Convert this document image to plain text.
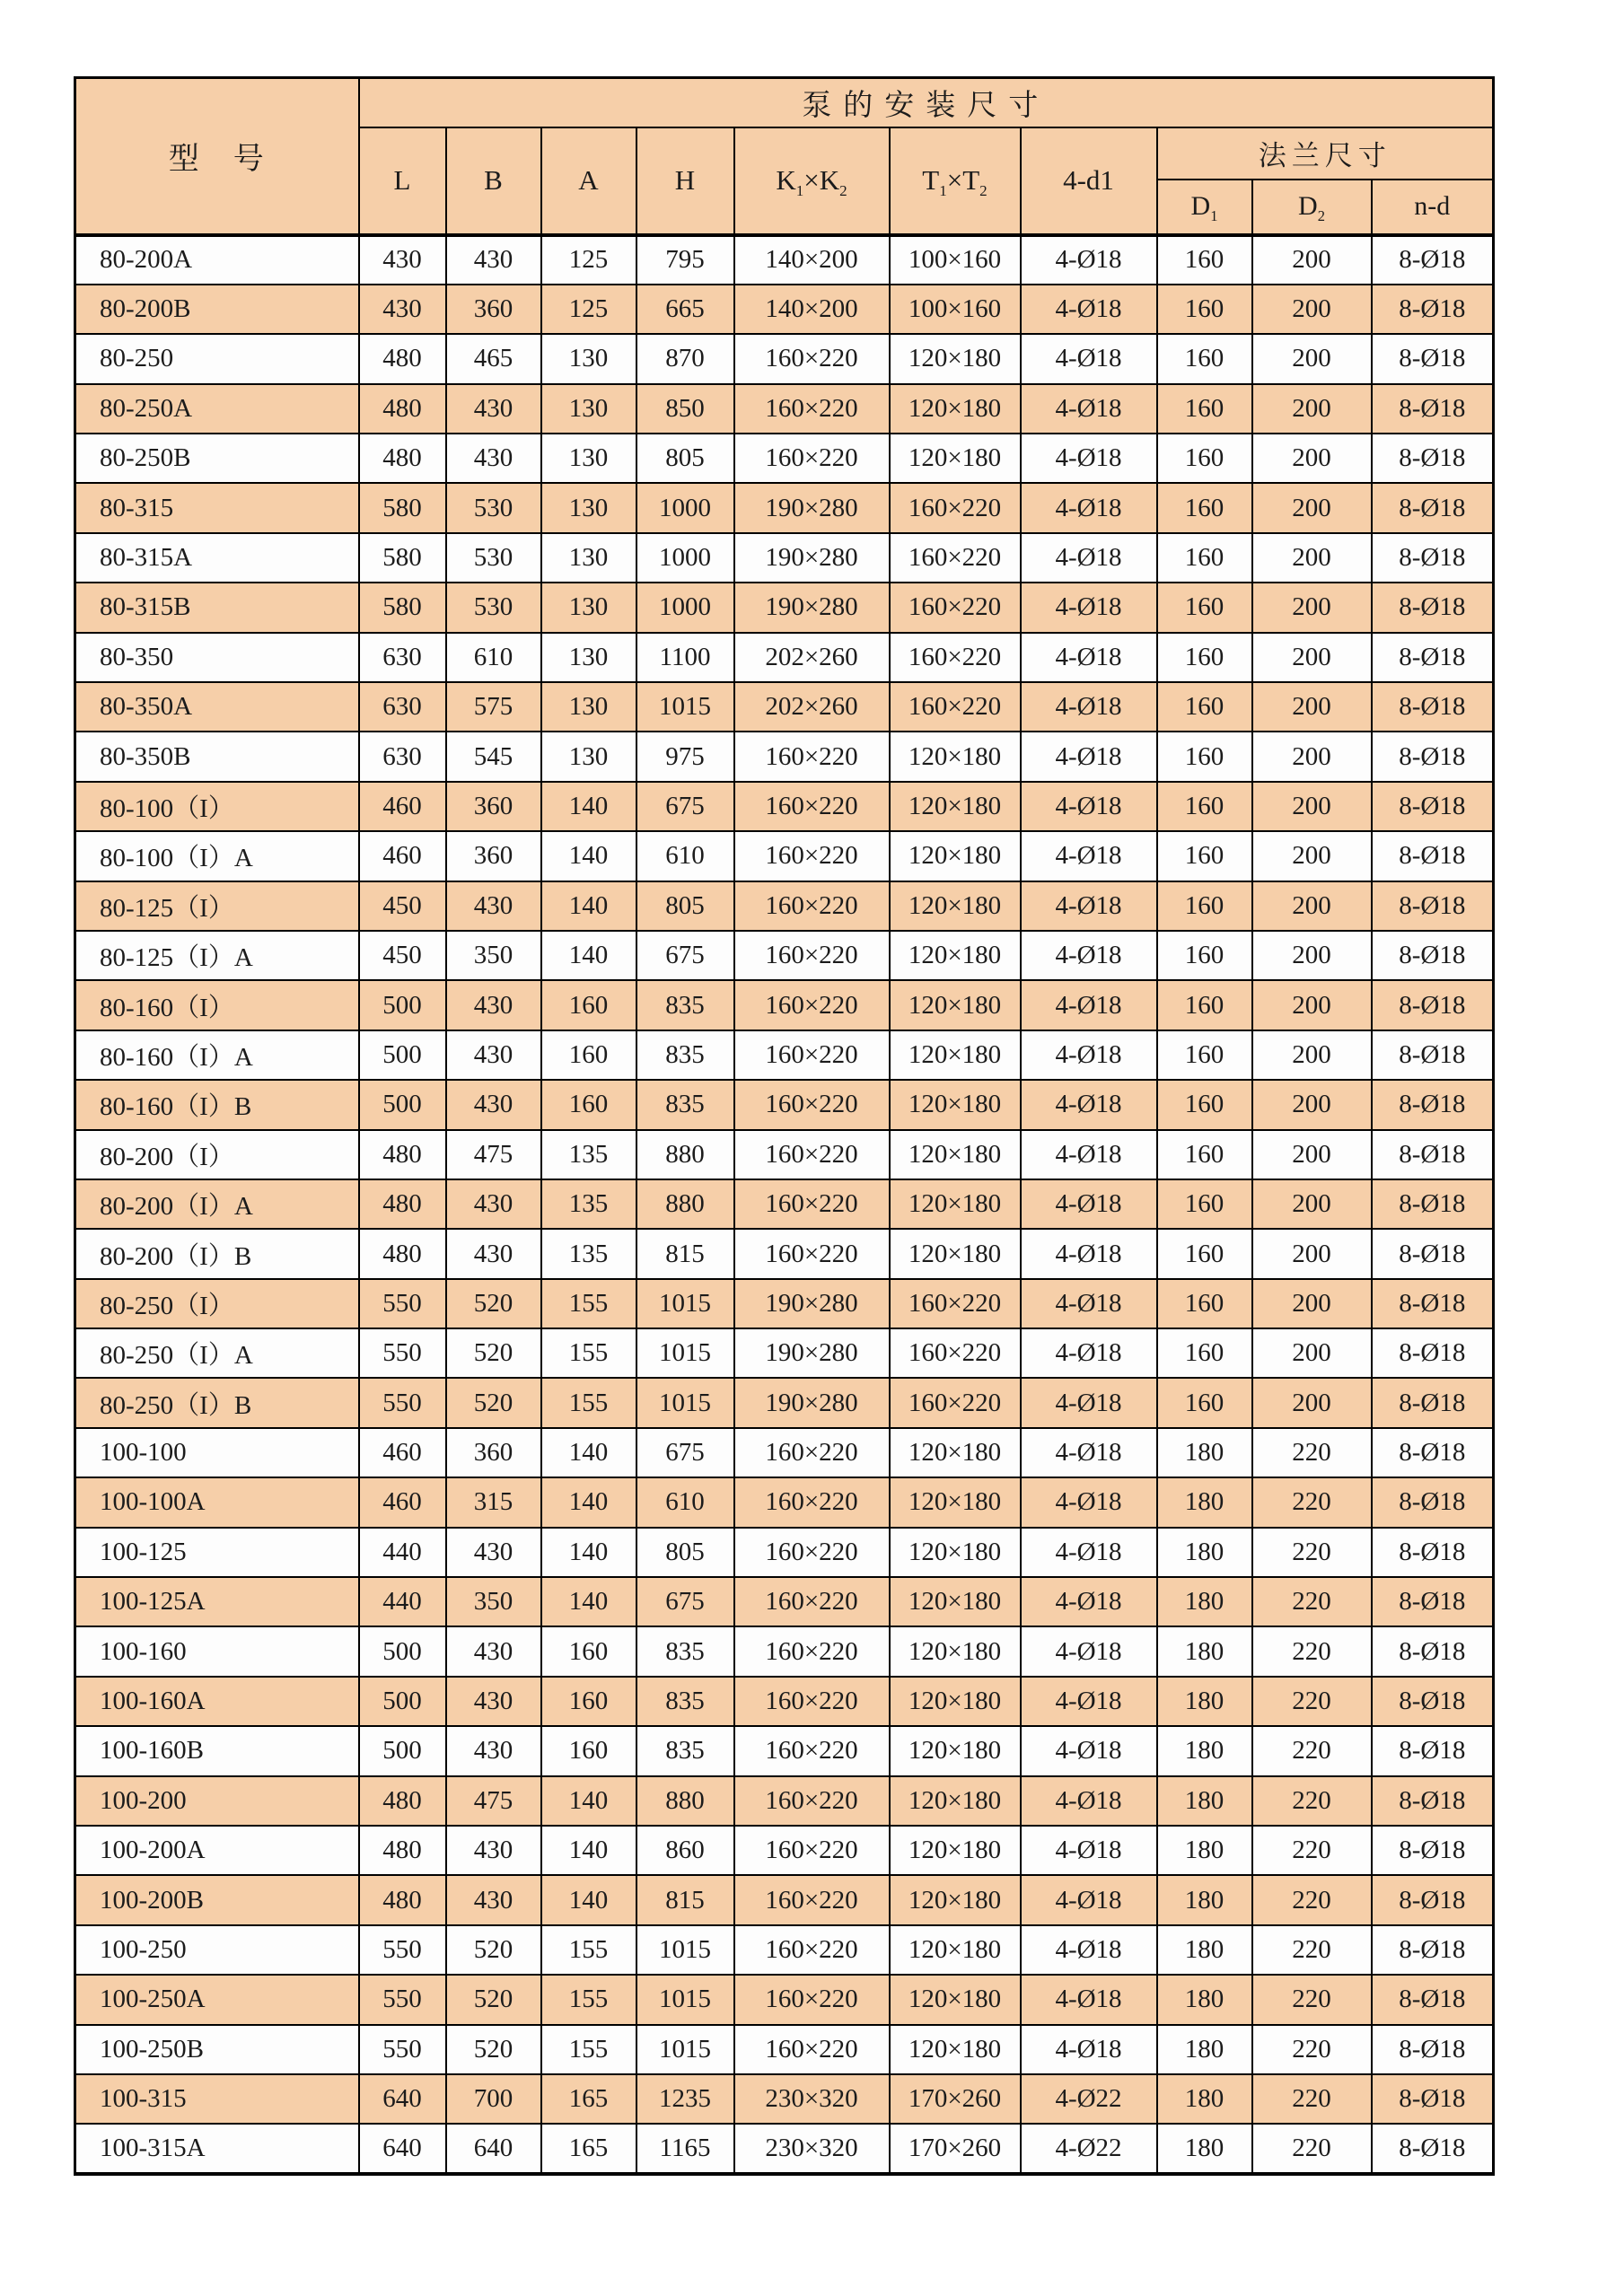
型　号	泵的安装尺寸									
	L	B	A	H	$K_1\times K_2$	$T_1\times T_2$	4-d1	法兰尺寸		
								$D_1$	$D_2$	n-d
80-200A	430	430	125	795	140×200	100×160	4-Ø18	160	200	8-Ø18
80-200B	430	360	125	665	140×200	100×160	4-Ø18	160	200	8-Ø18
80-250	480	465	130	870	160×220	120×180	4-Ø18	160	200	8-Ø18
80-250A	480	430	130	850	160×220	120×180	4-Ø18	160	200	8-Ø18
80-250B	480	430	130	805	160×220	120×180	4-Ø18	160	200	8-Ø18
80-315	580	530	130	1000	190×280	160×220	4-Ø18	160	200	8-Ø18
80-315A	580	530	130	1000	190×280	160×220	4-Ø18	160	200	8-Ø18
80-315B	580	530	130	1000	190×280	160×220	4-Ø18	160	200	8-Ø18
80-350	630	610	130	1100	202×260	160×220	4-Ø18	160	200	8-Ø18
80-350A	630	575	130	1015	202×260	160×220	4-Ø18	160	200	8-Ø18
80-350B	630	545	130	975	160×220	120×180	4-Ø18	160	200	8-Ø18
80-100（I）	460	360	140	675	160×220	120×180	4-Ø18	160	200	8-Ø18
80-100（I）A	460	360	140	610	160×220	120×180	4-Ø18	160	200	8-Ø18
80-125（I）	450	430	140	805	160×220	120×180	4-Ø18	160	200	8-Ø18
80-125（I）A	450	350	140	675	160×220	120×180	4-Ø18	160	200	8-Ø18
80-160（I）	500	430	160	835	160×220	120×180	4-Ø18	160	200	8-Ø18
80-160（I）A	500	430	160	835	160×220	120×180	4-Ø18	160	200	8-Ø18
80-160（I）B	500	430	160	835	160×220	120×180	4-Ø18	160	200	8-Ø18
80-200（I）	480	475	135	880	160×220	120×180	4-Ø18	160	200	8-Ø18
80-200（I）A	480	430	135	880	160×220	120×180	4-Ø18	160	200	8-Ø18
80-200（I）B	480	430	135	815	160×220	120×180	4-Ø18	160	200	8-Ø18
80-250（I）	550	520	155	1015	190×280	160×220	4-Ø18	160	200	8-Ø18
80-250（I）A	550	520	155	1015	190×280	160×220	4-Ø18	160	200	8-Ø18
80-250（I）B	550	520	155	1015	190×280	160×220	4-Ø18	160	200	8-Ø18
100-100	460	360	140	675	160×220	120×180	4-Ø18	180	220	8-Ø18
100-100A	460	315	140	610	160×220	120×180	4-Ø18	180	220	8-Ø18
100-125	440	430	140	805	160×220	120×180	4-Ø18	180	220	8-Ø18
100-125A	440	350	140	675	160×220	120×180	4-Ø18	180	220	8-Ø18
100-160	500	430	160	835	160×220	120×180	4-Ø18	180	220	8-Ø18
100-160A	500	430	160	835	160×220	120×180	4-Ø18	180	220	8-Ø18
100-160B	500	430	160	835	160×220	120×180	4-Ø18	180	220	8-Ø18
100-200	480	475	140	880	160×220	120×180	4-Ø18	180	220	8-Ø18
100-200A	480	430	140	860	160×220	120×180	4-Ø18	180	220	8-Ø18
100-200B	480	430	140	815	160×220	120×180	4-Ø18	180	220	8-Ø18
100-250	550	520	155	1015	160×220	120×180	4-Ø18	180	220	8-Ø18
100-250A	550	520	155	1015	160×220	120×180	4-Ø18	180	220	8-Ø18
100-250B	550	520	155	1015	160×220	120×180	4-Ø18	180	220	8-Ø18
100-315	640	700	165	1235	230×320	170×260	4-Ø22	180	220	8-Ø18
100-315A	640	640	165	1165	230×320	170×260	4-Ø22	180	220	8-Ø18
